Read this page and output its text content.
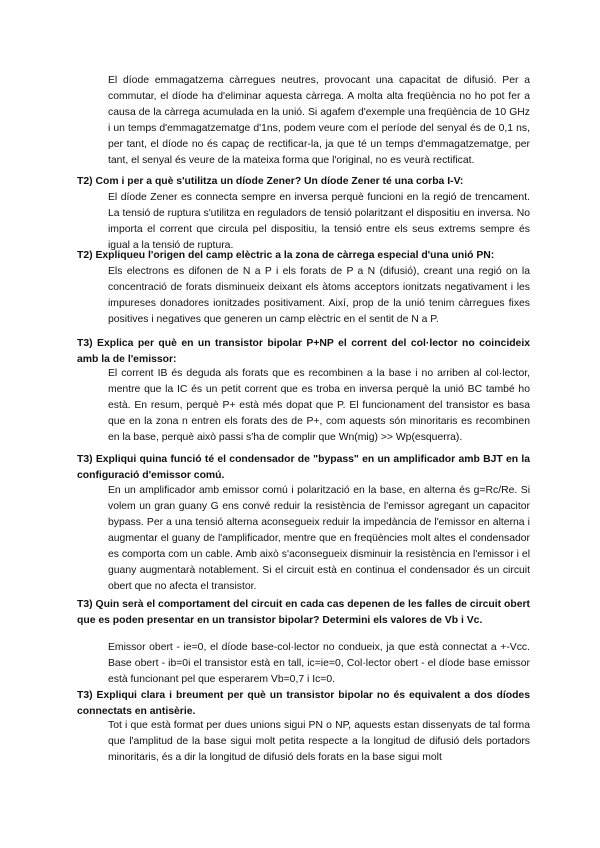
El díode emmagatzema càrregues neutres, provocant una capacitat de difusió. Per a commutar, el díode ha d'eliminar aquesta càrrega. A molta alta freqüència no ho pot fer a causa de la càrrega acumulada en la unió. Si agafem d'exemple una freqüència de 10 GHz i un temps d'emmagatzematge d'1ns, podem veure com el període del senyal és de 0,1 ns, per tant, el díode no és capaç de rectificar-la, ja que té un temps d'emmagatzematge, per tant, el senyal és veure de la mateixa forma que l'original, no es veurà rectificat.

T2) Com i per a què s'utilitza un díode Zener? Un díode Zener té una corba I-V:

El díode Zener es connecta sempre en inversa perquè funcioni en la regió de trencament. La tensió de ruptura s'utilitza en reguladors de tensió polaritzant el dispositiu en inversa. No importa el corrent que circula pel dispositiu, la tensió entre els seus extrems sempre és igual a la tensió de ruptura.

T2) Expliqueu l'origen del camp elèctric a la zona de càrrega especial d'una unió PN:

Els electrons es difonen de N a P i els forats de P a N (difusió), creant una regió on la concentració de forats disminueix deixant els àtoms acceptors ionitzats negativament i les impureses donadores ionitzades positivament. Així, prop de la unió tenim càrregues fixes positives i negatives que generen un camp elèctric en el sentit de N a P.

T3) Explica per què en un transistor bipolar P+NP el corrent del col·lector no coincideix amb la de l'emissor:

El corrent IB és deguda als forats que es recombinen a la base i no arriben al col·lector, mentre que la IC és un petit corrent que es troba en inversa perquè la unió BC també ho està. En resum, perquè P+ està més dopat que P. El funcionament del transistor es basa que en la zona n entren els forats des de P+, com aquests són minoritaris es recombinen en la base, perquè això passi s'ha de complir que Wn(mig) >> Wp(esquerra).

T3) Expliqui quina funció té el condensador de "bypass" en un amplificador amb BJT en la configuració d'emissor comú.

En un amplificador amb emissor comú i polarització en la base, en alterna és g=Rc/Re. Si volem un gran guany G ens convé reduir la resistència de l'emissor agregant un capacitor bypass. Per a una tensió alterna aconsegueix reduir la impedància de l'emissor en alterna i augmentar el guany de l'amplificador, mentre que en freqüències molt altes el condensador es comporta com un cable. Amb això s'aconsegueix disminuir la resistència en l'emissor i el guany augmentarà notablement. Si el circuit està en continua el condensador és un circuit obert que no afecta el transistor.

T3) Quin serà el comportament del circuit en cada cas depenen de les falles de circuit obert que es poden presentar en un transistor bipolar? Determini els valores de Vb i Vc.

Emissor obert - ie=0, el díode base-col·lector no condueix, ja que està connectat a +-Vcc. Base obert - ib=0i el transistor està en tall, ic=ie=0, Col·lector obert - el díode base emissor està funcionant pel que esperarem Vb=0,7 i Ic=0.

T3) Expliqui clara i breument per què un transistor bipolar no és equivalent a dos díodes connectats en antisèrie.

Tot i que està format per dues unions sigui PN o NP, aquests estan dissenyats de tal forma que l'amplitud de la base sigui molt petita respecte a la longitud de difusió dels portadors minoritaris, és a dir la longitud de difusió dels forats en la base sigui molt
